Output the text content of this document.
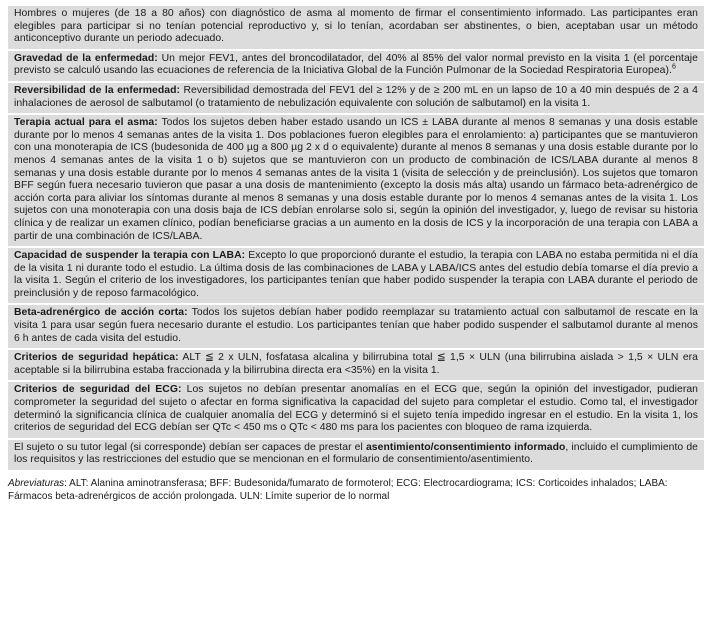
Hombres o mujeres (de 18 a 80 años) con diagnóstico de asma al momento de firmar el consentimiento informado. Las participantes eran elegibles para participar si no tenían potencial reproductivo y, si lo tenían, acordaban ser abstinentes, o bien, aceptaban usar un método anticonceptivo durante un periodo adecuado.
Gravedad de la enfermedad: Un mejor FEV1, antes del broncodilatador, del 40% al 85% del valor normal previsto en la visita 1 (el porcentaje previsto se calculó usando las ecuaciones de referencia de la Iniciativa Global de la Función Pulmonar de la Sociedad Respiratoria Europea).$^6$
Reversibilidad de la enfermedad: Reversibilidad demostrada del FEV1 del ≥ 12% y de ≥ 200 mL en un lapso de 10 a 40 min después de 2 a 4 inhalaciones de aerosol de salbutamol (o tratamiento de nebulización equivalente con solución de salbutamol) en la visita 1.
Terapia actual para el asma: Todos los sujetos deben haber estado usando un ICS ± LABA durante al menos 8 semanas y una dosis estable durante por lo menos 4 semanas antes de la visita 1. Dos poblaciones fueron elegibles para el enrolamiento: a) participantes que se mantuvieron con una monoterapia de ICS (budesonida de 400 µg a 800 µg 2 x d o equivalente) durante al menos 8 semanas y una dosis estable durante por lo menos 4 semanas antes de la visita 1 o b) sujetos que se mantuvieron con un producto de combinación de ICS/LABA durante al menos 8 semanas y una dosis estable durante por lo menos 4 semanas antes de la visita 1 (visita de selección y de preinclusión). Los sujetos que tomaron BFF según fuera necesario tuvieron que pasar a una dosis de mantenimiento (excepto la dosis más alta) usando un fármaco beta-adrenérgico de acción corta para aliviar los síntomas durante al menos 8 semanas y una dosis estable durante por lo menos 4 semanas antes de la visita 1. Los sujetos con una monoterapia con una dosis baja de ICS debían enrolarse solo si, según la opinión del investigador, y, luego de revisar su historia clínica y de realizar un examen clínico, podían beneficiarse gracias a un aumento en la dosis de ICS y la incorporación de una terapia con LABA a partir de una combinación de ICS/LABA.
Capacidad de suspender la terapia con LABA: Excepto lo que proporcionó durante el estudio, la terapia con LABA no estaba permitida ni el día de la visita 1 ni durante todo el estudio. La última dosis de las combinaciones de LABA y LABA/ICS antes del estudio debía tomarse el día previo a la visita 1. Según el criterio de los investigadores, los participantes tenían que haber podido suspender la terapia con LABA durante el periodo de preinclusión y de reposo farmacológico.
Beta-adrenérgico de acción corta: Todos los sujetos debían haber podido reemplazar su tratamiento actual con salbutamol de rescate en la visita 1 para usar según fuera necesario durante el estudio. Los participantes tenían que haber podido suspender el salbutamol durante al menos 6 h antes de cada visita del estudio.
Criterios de seguridad hepática: ALT ≦ 2 x ULN, fosfatasa alcalina y bilirrubina total ≦ 1,5 × ULN (una bilirrubina aislada > 1,5 × ULN era aceptable si la bilirrubina estaba fraccionada y la bilirrubina directa era <35%) en la visita 1.
Criterios de seguridad del ECG: Los sujetos no debían presentar anomalías en el ECG que, según la opinión del investigador, pudieran comprometer la seguridad del sujeto o afectar en forma significativa la capacidad del sujeto para completar el estudio. Como tal, el investigador determinó la significancia clínica de cualquier anomalía del ECG y determinó si el sujeto tenía impedido ingresar en el estudio. En la visita 1, los criterios de seguridad del ECG debían ser QTc < 450 ms o QTc < 480 ms para los pacientes con bloqueo de rama izquierda.
El sujeto o su tutor legal (si corresponde) debían ser capaces de prestar el asentimiento/consentimiento informado, incluido el cumplimiento de los requisitos y las restricciones del estudio que se mencionan en el formulario de consentimiento/asentimiento.
Abreviaturas: ALT: Alanina aminotransferasa; BFF: Budesonida/fumarato de formoterol; ECG: Electrocardiograma; ICS: Corticoides inhalados; LABA: Fármacos beta-adrenérgicos de acción prolongada. ULN: Límite superior de lo normal
